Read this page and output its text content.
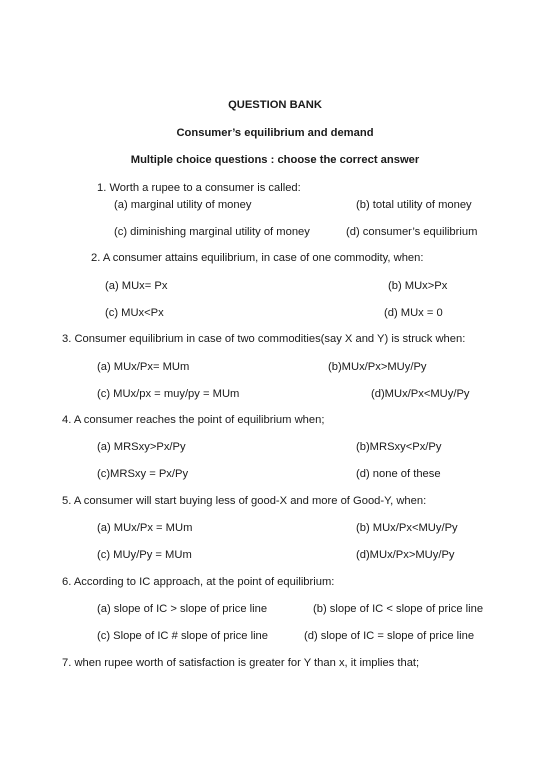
QUESTION BANK
Consumer’s equilibrium and demand
Multiple choice questions : choose the correct answer
1. Worth a rupee to a consumer is called:
(a) marginal utility of money	(b) total utility of money
(c) diminishing marginal utility of money	(d) consumer’s equilibrium
2. A consumer attains equilibrium, in case of one commodity, when:
(a) MUx= Px	(b) MUx>Px
(c) MUx<Px	(d) MUx = 0
3. Consumer equilibrium in case of two commodities(say X and Y) is struck when:
(a) MUx/Px= MUm	(b)MUx/Px>MUy/Py
(c) MUx/px = muy/py = MUm	(d)MUx/Px<MUy/Py
4. A consumer reaches the point of equilibrium when;
(a) MRSxy>Px/Py	(b)MRSxy<Px/Py
(c)MRSxy = Px/Py	(d) none of these
5. A consumer will start buying less of good-X and more of Good-Y, when:
(a) MUx/Px = MUm	(b) MUx/Px<MUy/Py
(c) MUy/Py = MUm	(d)MUx/Px>MUy/Py
6. According to IC approach, at the point of equilibrium:
(a) slope of IC > slope of price line	(b) slope of IC < slope of price line
(c) Slope of IC # slope of price line	(d) slope of IC = slope of price line
7. when rupee worth of satisfaction is greater for Y than x, it implies that;
